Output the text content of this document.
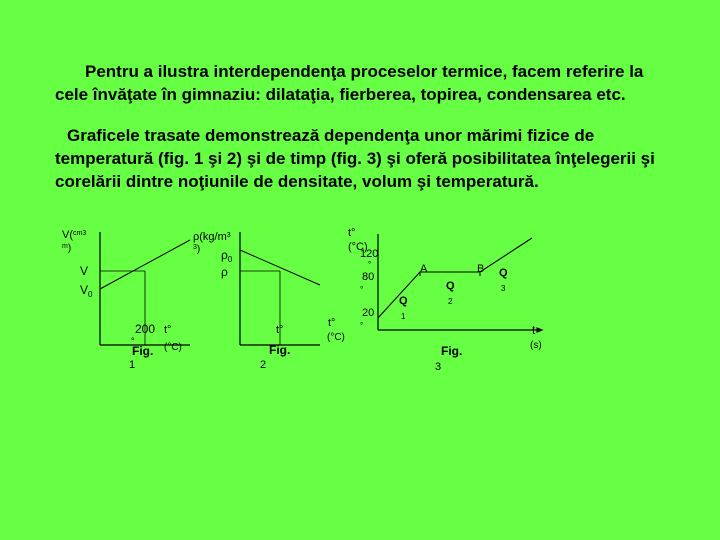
Pentru a ilustra interdependenţa proceselor termice, facem referire la cele învăţate în gimnaziu: dilataţia, fierberea, topirea, condensarea etc.

Graficele trasate demonstrează dependenţa unor mărimi fizice de temperatură (fig. 1 şi 2) şi de timp (fig. 3) şi oferă posibilitatea înţelegerii şi corelării dintre noţiunile de densitate, volum şi temperatură.

V($^{cm3}$
$^m$)
V
$V_0$
200
°
t°
(°C)
Fig.
1
$\rho(kg/m^3$
$^3$) $\rho_0$
ρ
t°
Fig.
2
t°
(°C)
120
°
80
°
20
°
t°
(°C)
A	B
Q
1
Q
2
Q
3
t
(s)
Fig.
3
